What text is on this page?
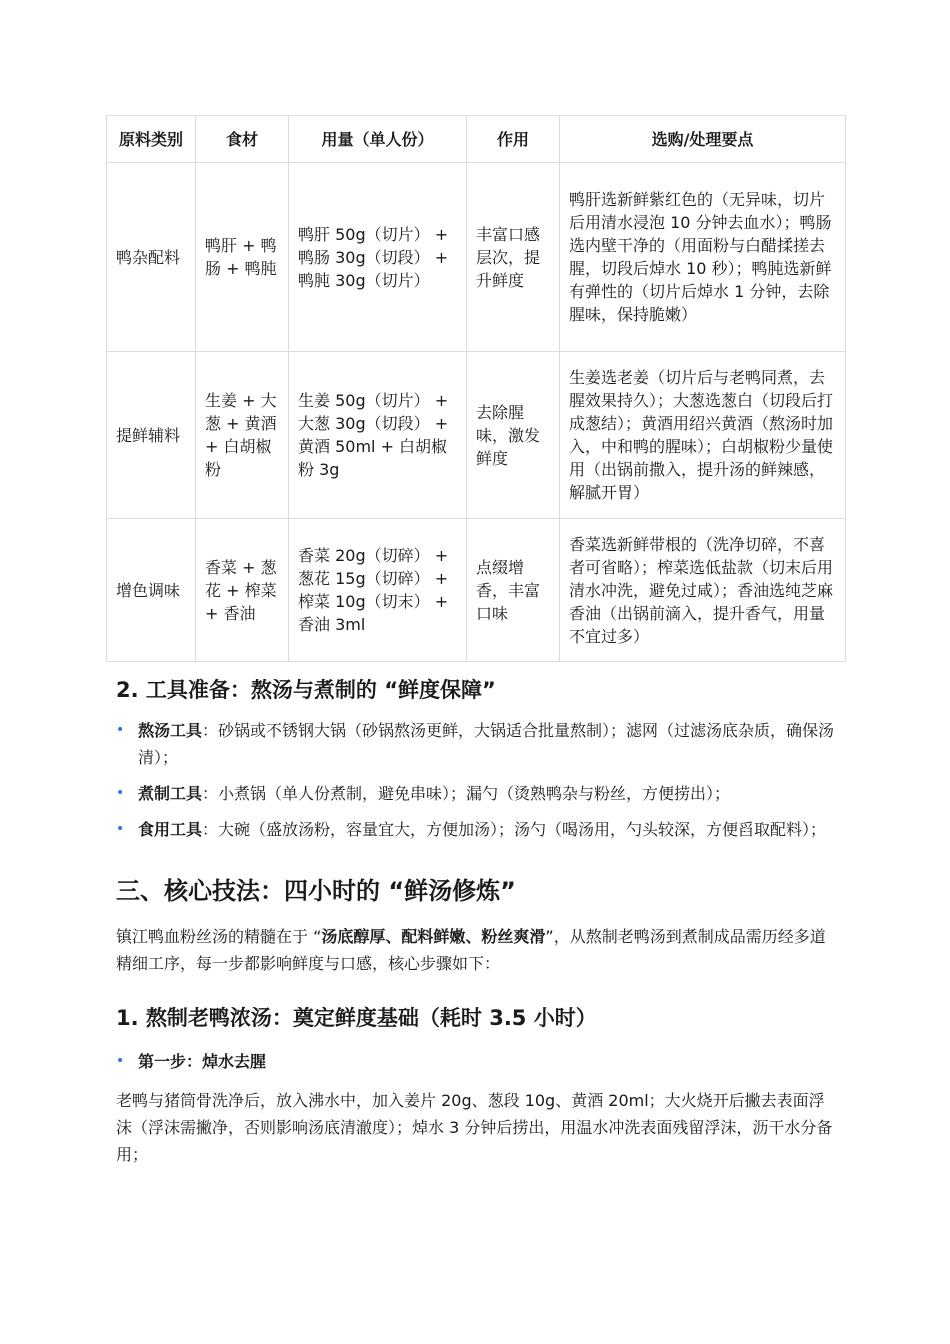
原料类别	食材	用量（单人份）	作用	选购/处理要点
鸭杂配料	鸭肝 + 鸭肠 + 鸭肫	鸭肝 50g（切片） + 鸭肠 30g（切段） + 鸭肫 30g（切片）	丰富口感层次，提升鲜度	鸭肝选新鲜紫红色的（无异味，切片后用清水浸泡 10 分钟去血水）；鸭肠选内壁干净的（用面粉与白醋揉搓去腥，切段后焯水 10 秒）；鸭肫选新鲜有弹性的（切片后焯水 1 分钟，去除腥味，保持脆嫩）
提鲜辅料	生姜 + 大葱 + 黄酒 + 白胡椒粉	生姜 50g（切片） + 大葱 30g（切段） + 黄酒 50ml + 白胡椒粉 3g	去除腥味，激发鲜度	生姜选老姜（切片后与老鸭同煮，去腥效果持久）；大葱选葱白（切段后打成葱结）；黄酒用绍兴黄酒（熬汤时加入，中和鸭的腥味）；白胡椒粉少量使用（出锅前撒入，提升汤的鲜辣感，解腻开胃）
增色调味	香菜 + 葱花 + 榨菜 + 香油	香菜 20g（切碎） + 葱花 15g（切碎） + 榨菜 10g（切末） + 香油 3ml	点缀增香，丰富口味	香菜选新鲜带根的（洗净切碎，不喜者可省略）；榨菜选低盐款（切末后用清水冲洗，避免过咸）；香油选纯芝麻香油（出锅前滴入，提升香气，用量不宜过多）
2. 工具准备：熬汤与煮制的 “鲜度保障”
• 熬汤工具：砂锅或不锈钢大锅（砂锅熬汤更鲜，大锅适合批量熬制）；滤网（过滤汤底杂质，确保汤清）；
• 煮制工具：小煮锅（单人份煮制，避免串味）；漏勺（烫熟鸭杂与粉丝，方便捞出）；
• 食用工具：大碗（盛放汤粉，容量宜大，方便加汤）；汤勺（喝汤用，勺头较深，方便舀取配料）；
三、核心技法：四小时的 “鲜汤修炼”

镇江鸭血粉丝汤的精髓在于 “汤底醇厚、配料鲜嫩、粉丝爽滑”，从熬制老鸭汤到煮制成品需历经多道精细工序，每一步都影响鲜度与口感，核心步骤如下：

1. 熬制老鸭浓汤：奠定鲜度基础（耗时 3.5 小时）
• 第一步：焯水去腥

老鸭与猪筒骨洗净后，放入沸水中，加入姜片 20g、葱段 10g、黄酒 20ml；大火烧开后撇去表面浮沫（浮沫需撇净，否则影响汤底清澈度）；焯水 3 分钟后捞出，用温水冲洗表面残留浮沫，沥干水分备用；
